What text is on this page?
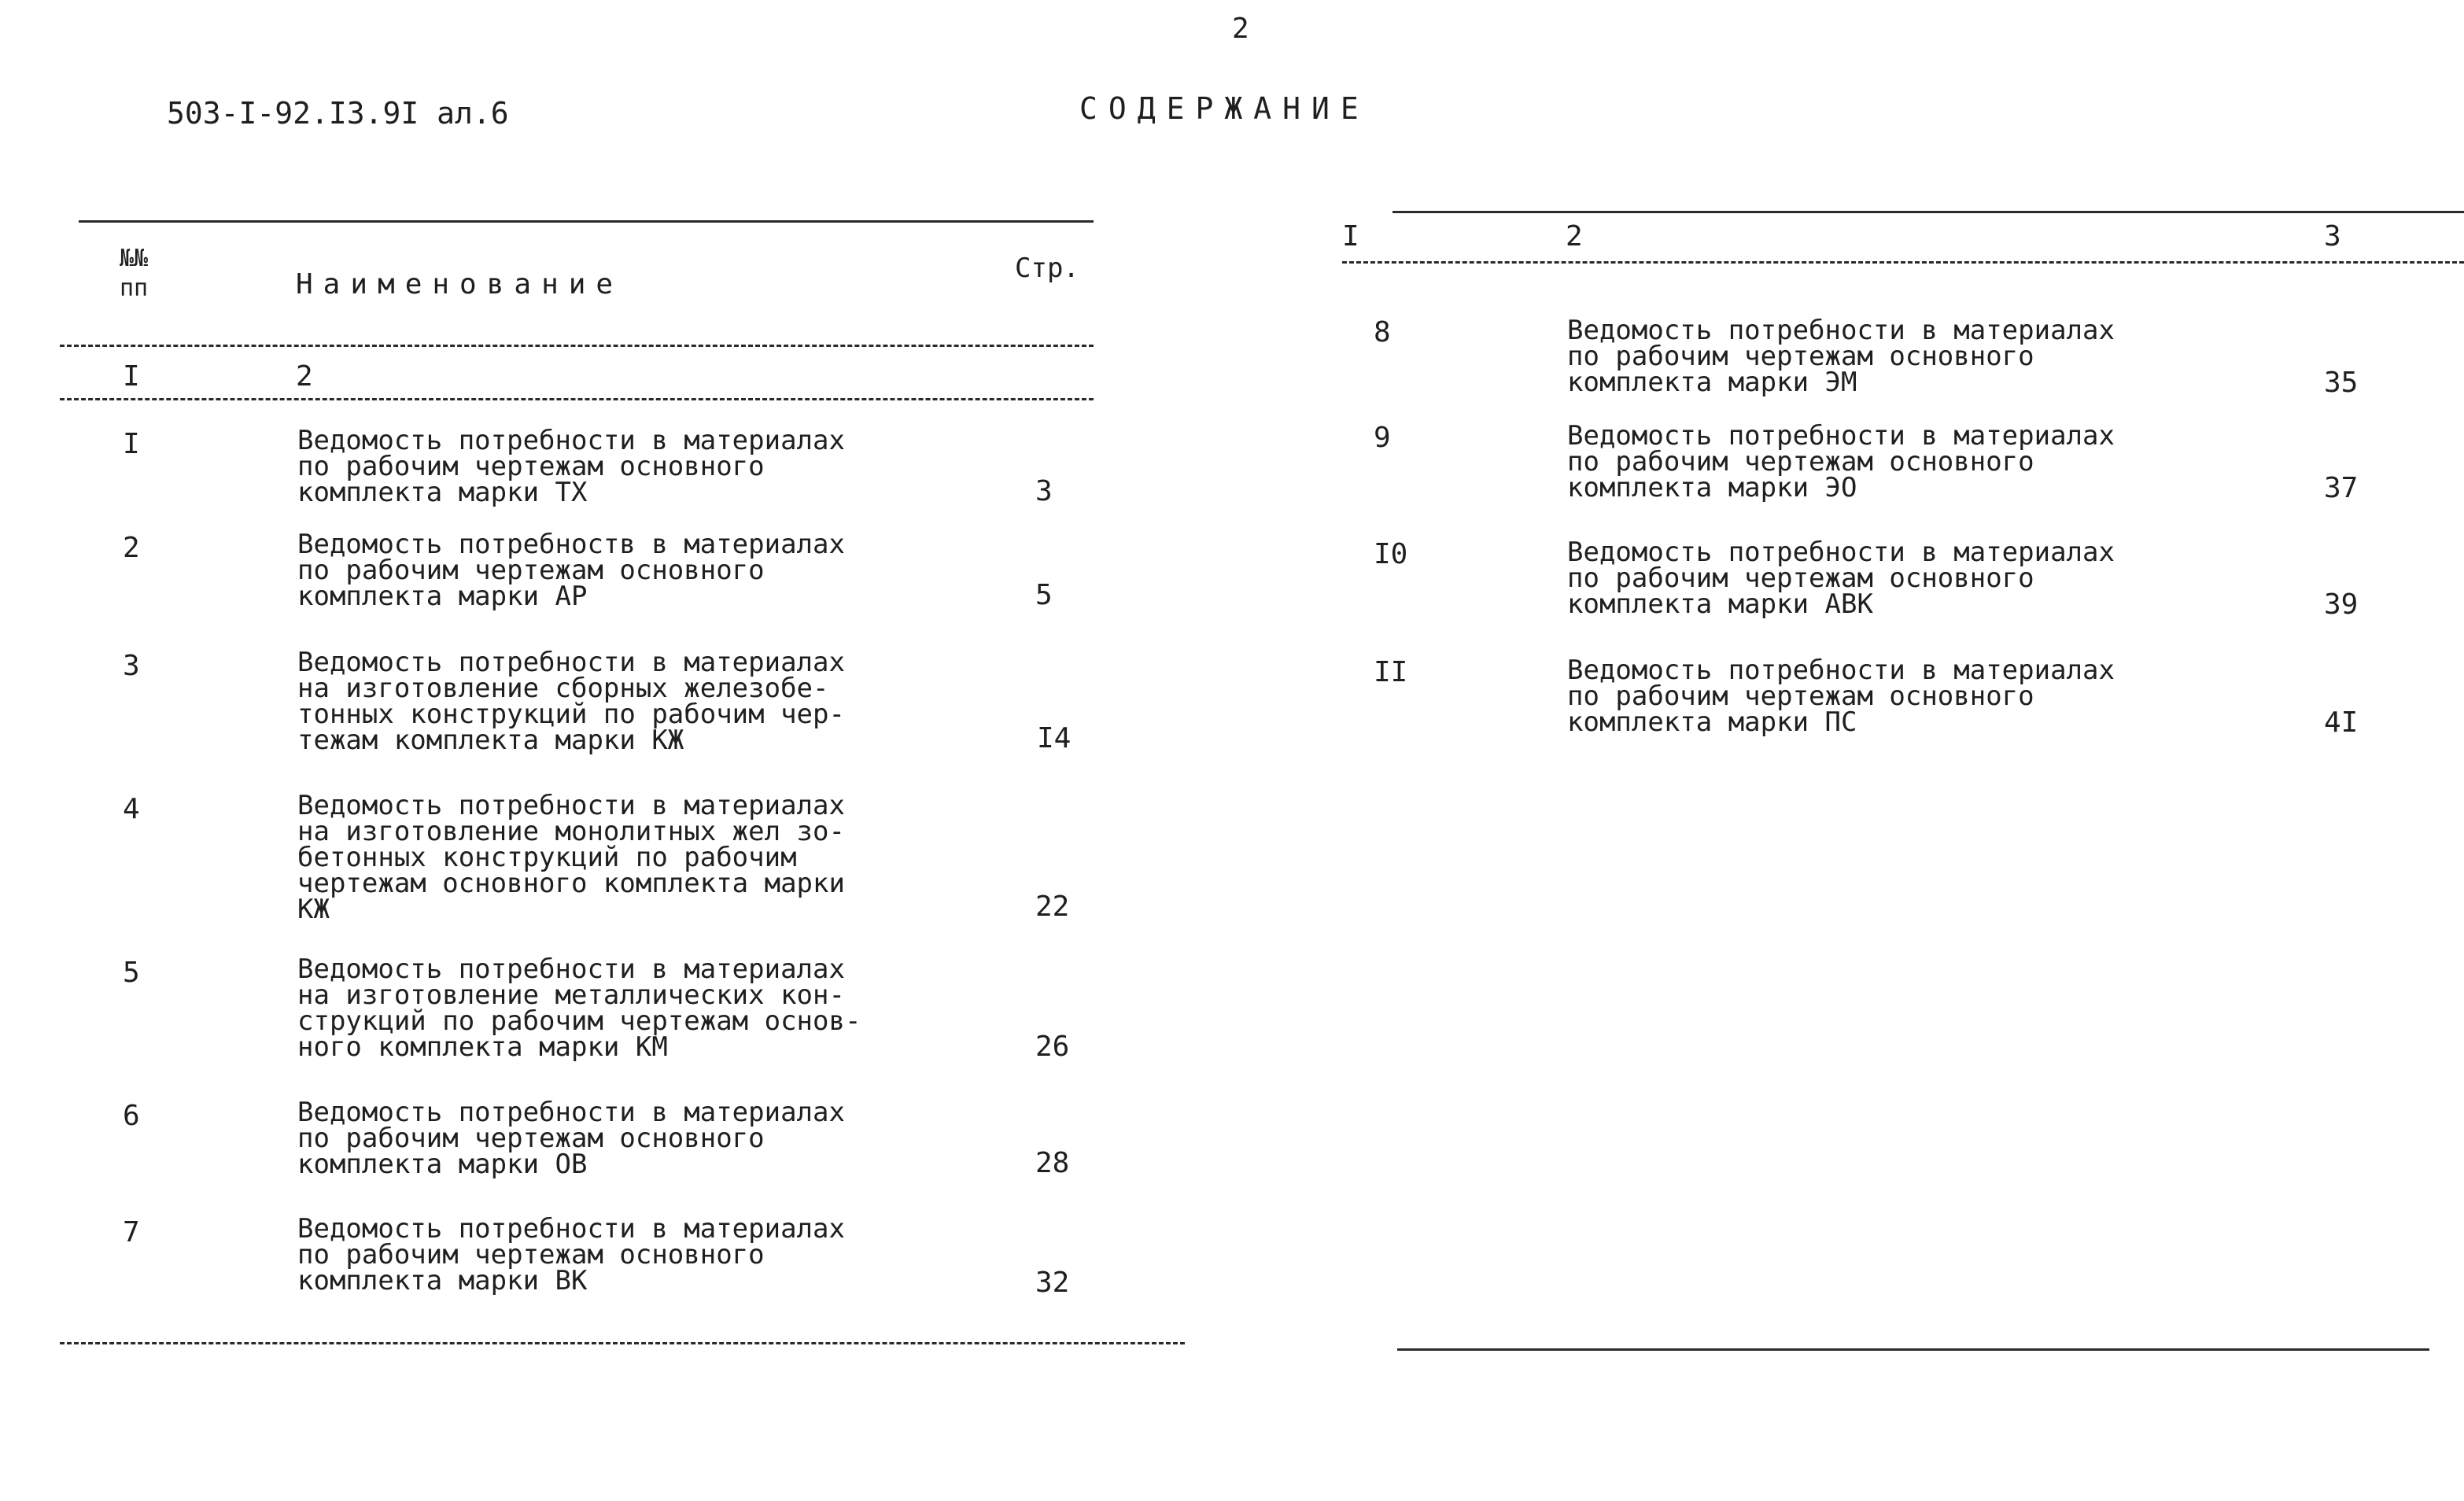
2
503-I-92.I3.9I ал.6	СОДЕРЖАНИЕ
№№
пп	Наименование	Стр.
I	2
I	Ведомость потребности в материалах
по рабочим чертежам основного
комплекта марки ТХ	3
2	Ведомость потребноств в материалах
по рабочим чертежам основного
комплекта марки АР	5
3	Ведомость потребности в материалах
на изготовление сборных железобе-
тонных конструкций по рабочим чер-
тежам комплекта марки КЖ	I4
4	Ведомость потребности в материалах
на изготовление монолитных жел зо-
бетонных конструкций по рабочим
чертежам основного комплекта марки
КЖ	22
5	Ведомость потребности в материалах
на изготовление металлических кон-
струкций по рабочим чертежам основ-
ного комплекта марки КМ	26
6	Ведомость потребности в материалах
по рабочим чертежам основного
комплекта марки ОВ	28
7	Ведомость потребности в материалах
по рабочим чертежам основного
комплекта марки ВК	32
I	2	3
8	Ведомость потребности в материалах
по рабочим чертежам основного
комплекта марки ЭМ	35
9	Ведомость потребности в материалах
по рабочим чертежам основного
комплекта марки ЭО	37
I0	Ведомость потребности в материалах
по рабочим чертежам основного
комплекта марки АВК	39
II	Ведомость потребности в материалах
по рабочим чертежам основного
комплекта марки ПС	4I
